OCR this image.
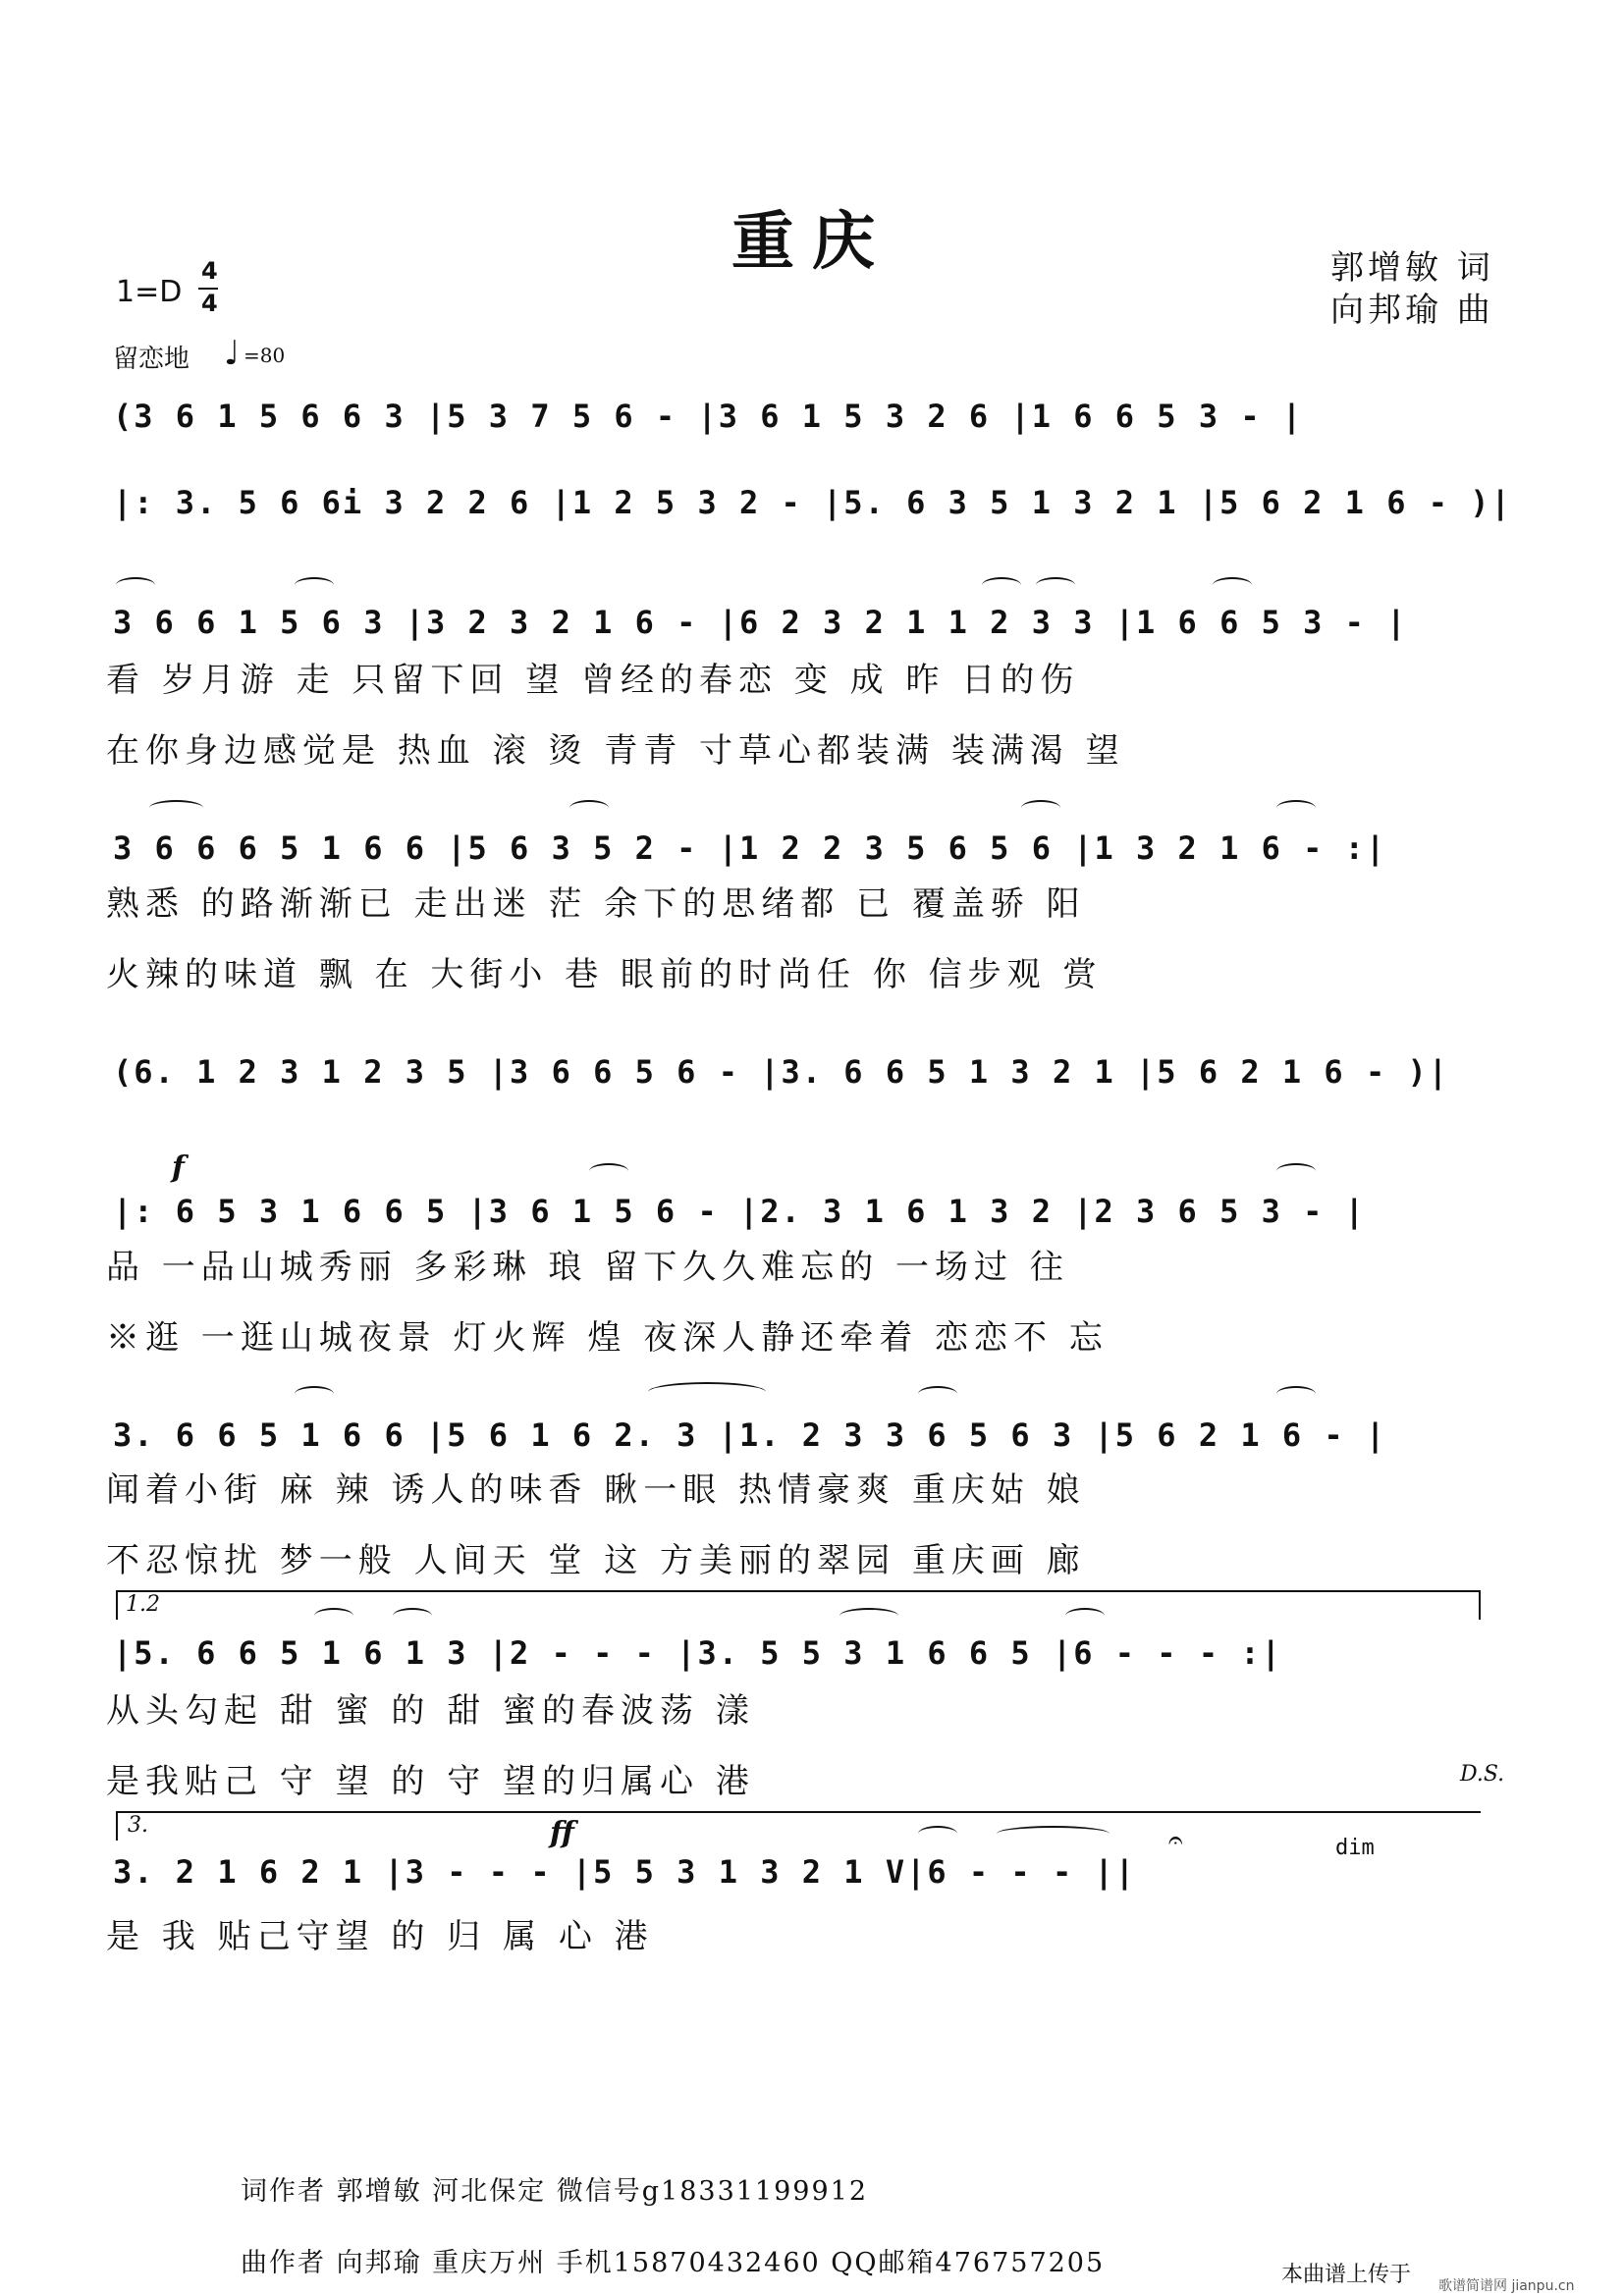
重庆	郭增敏 词
向邦瑜 曲
1=D
4
4
留恋地 ♩ =80
(3 6 1 5 6 6 3 |5 3 7 5 6 - |3 6 1 5 3 2 6 |1 6 6 5 3 - |
|: 3. 5 6 6i 3 2 2 6 |1 2 5 3 2 - |5. 6 3 5 1 3 2 1 |5 6 2 1 6 - )|
3 6 6 1 5 6 3 |3 2 3 2 1 6 - |6 2 3 2 1 1 2 3 3 |1 6 6 5 3 - |
看 岁月游 走 只留下回 望 曾经的春恋 变 成 昨 日的伤
在你身边感觉是 热血 滚 烫 青青 寸草心都装满 装满渴 望
3 6 6 6 5 1 6 6 |5 6 3 5 2 - |1 2 2 3 5 6 5 6 |1 3 2 1 6 - :|
熟悉 的路渐渐已 走出迷 茫 余下的思绪都 已 覆盖骄 阳
火辣的味道 飘 在 大街小 巷 眼前的时尚任 你 信步观 赏
(6. 1 2 3 1 2 3 5 |3 6 6 5 6 - |3. 6 6 5 1 3 2 1 |5 6 2 1 6 - )|
f
|: 6 5 3 1 6 6 5 |3 6 1 5 6 - |2. 3 1 6 1 3 2 |2 3 6 5 3 - |
品 一品山城秀丽 多彩琳 琅 留下久久难忘的 一场过 往
※逛 一逛山城夜景 灯火辉 煌 夜深人静还牵着 恋恋不 忘
3. 6 6 5 1 6 6 |5 6 1 6 2. 3 |1. 2 3 3 6 5 6 3 |5 6 2 1 6 - |
闻着小街 麻 辣 诱人的味香 瞅一眼 热情豪爽 重庆姑 娘
不忍惊扰 梦一般 人间天 堂 这 方美丽的翠园 重庆画 廊
1.2
|5. 6 6 5 1 6 1 3 |2 - - - |3. 5 5 3 1 6 6 5 |6 - - - :|
从头勾起 甜 蜜 的 甜 蜜的春波荡 漾
是我贴己 守 望 的 守 望的归属心 港	D.S.
3.	ff	dim
𝄐
3. 2 1 6 2 1 |3 - - - |5 5 3 1 3 2 1 V|6 - - - ||
是 我 贴己守望 的 归 属 心 港
词作者 郭增敏 河北保定 微信号g18331199912
曲作者 向邦瑜 重庆万州 手机15870432460 QQ邮箱476757205	本曲谱上传于 歌谱简谱网 jianpu.cn
